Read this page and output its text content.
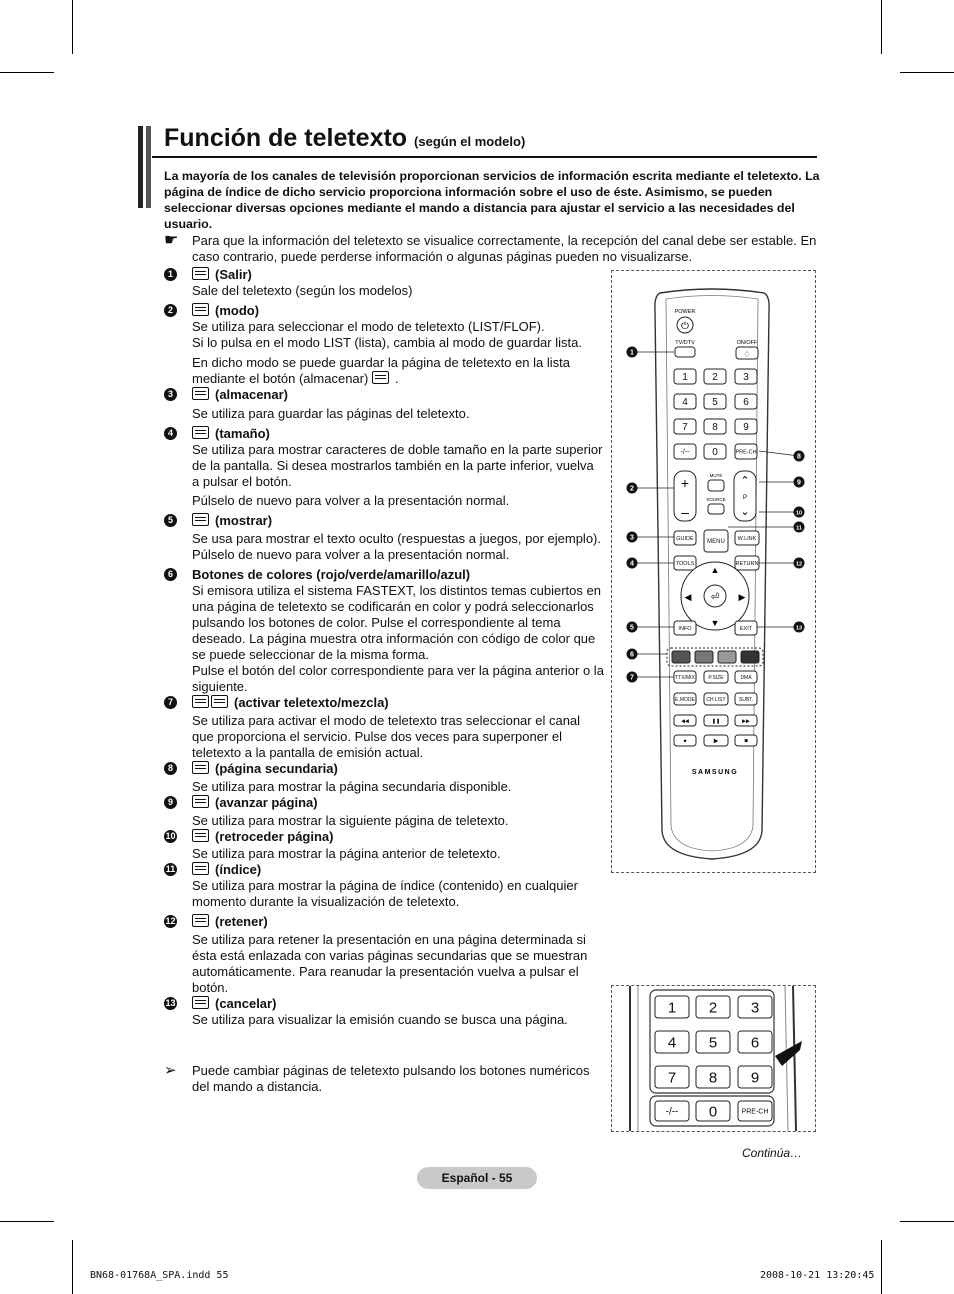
Función de teletexto (según el modelo)
La mayoría de los canales de televisión proporcionan servicios de información escrita mediante el teletexto. La página de índice de dicho servicio proporciona información sobre el uso de éste. Asimismo, se pueden seleccionar diversas opciones mediante el mando a distancia para ajustar el servicio a las necesidades del usuario.
☛	Para que la información del teletexto se visualice correctamente, la recepción del canal debe ser estable. En caso contrario, puede perderse información o algunas páginas pueden no visualizarse.
1	(Salir)
Sale del teletexto (según los modelos)
2	(modo)
Se utiliza para seleccionar el modo de teletexto (LIST/FLOF).
Si lo pulsa en el modo LIST (lista), cambia al modo de guardar lista.
En dicho modo se puede guardar la página de teletexto en la lista mediante el botón (almacenar) .
3	(almacenar)
Se utiliza para guardar las páginas del teletexto.
4	(tamaño)
Se utiliza para mostrar caracteres de doble tamaño en la parte superior de la pantalla. Si desea mostrarlos también en la parte inferior, vuelva a pulsar el botón.
Púlselo de nuevo para volver a la presentación normal.
5	(mostrar)
Se usa para mostrar el texto oculto (respuestas a juegos, por ejemplo). Púlselo de nuevo para volver a la presentación normal.
6	Botones de colores (rojo/verde/amarillo/azul)
Si emisora utiliza el sistema FASTEXT, los distintos temas cubiertos en una página de teletexto se codificarán en color y podrá seleccionarlos pulsando los botones de color. Pulse el correspondiente al tema deseado. La página muestra otra información con código de color que se puede seleccionar de la misma forma.
Pulse el botón del color correspondiente para ver la página anterior o la siguiente.
7	(activar teletexto/mezcla)
Se utiliza para activar el modo de teletexto tras seleccionar el canal que proporciona el servicio. Pulse dos veces para superponer el teletexto a la pantalla de emisión actual.
8	(página secundaria)
Se utiliza para mostrar la página secundaria disponible.
9	(avanzar página)
Se utiliza para mostrar la siguiente página de teletexto.
10	(retroceder página)
Se utiliza para mostrar la página anterior de teletexto.
11	(índice)
Se utiliza para mostrar la página de índice (contenido) en cualquier momento durante la visualización de teletexto.
12	(retener)
Se utiliza para retener la presentación en una página determinada si ésta está enlazada con varias páginas secundarias que se muestran automáticamente. Para reanudar la presentación vuelva a pulsar el botón.
13	(cancelar)
Se utiliza para visualizar la emisión cuando se busca una página.
➢ Puede cambiar páginas de teletexto pulsando los botones numéricos del mando a distancia.
POWER
⏻
TV/DTV	ON/OFF
♢
1 2	3
4 5	6
7 8	9
-/-- 0	PRE-CH
+
–
MUTE
SOURCE
⌃
P
⌄
GUIDE
MENU
W.LINK
TOOLS	RETURN
⏎
▲
▼
◀	▶
INFO	EXIT
TTX/MIX	P.SIZE	DMA
E.MODE CH LIST	SUBT.
◀◀	❚❚	▶▶
●	▶	■
SAMSUNG
1
2
3
4
5
6
7
8
9
10
11
12
13
1 2 3
4 5 6
7 8 9
-/-- 0	PRE-CH
Continúa…
Español - 55
BN68-01768A_SPA.indd 55	2008-10-21 13:20:45
